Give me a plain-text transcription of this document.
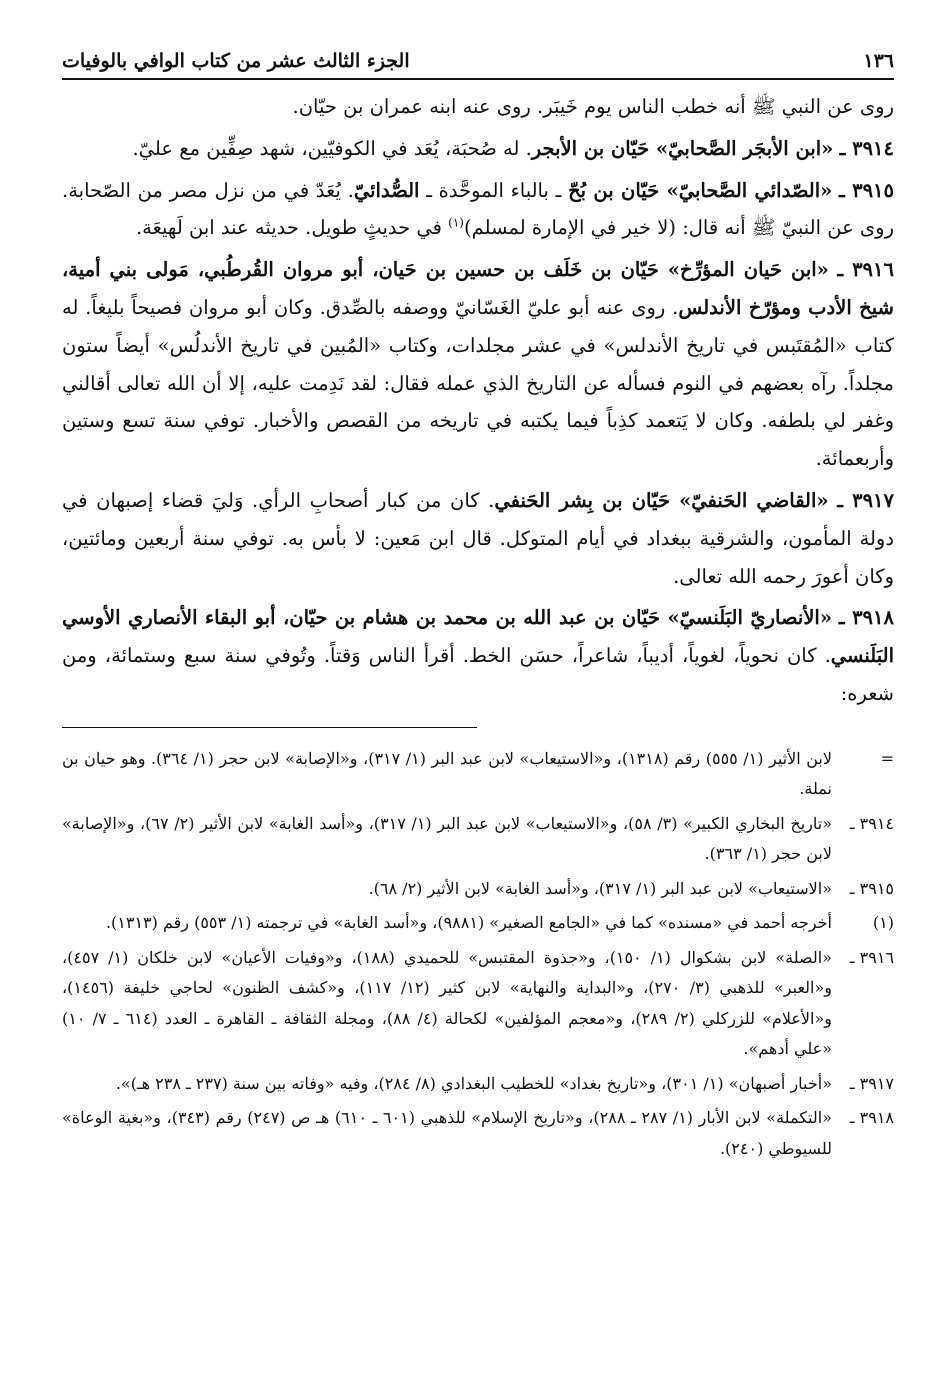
١٣٦
الجزء الثالث عشر من كتاب الوافي بالوفيات

روى عن النبي ﷺ أنه خطب الناس يوم خَيبَر. روى عنه ابنه عمران بن حيّان.

٣٩١٤ ـ «ابن الأبجَر الصَّحابيّ» حَيّان بن الأبجر. له صُحبَة، يُعَد في الكوفيّين، شهد صِفِّين مع عليّ.

٣٩١٥ ـ «الصّدائي الصَّحابيّ» حَيّان بن بُحّ ـ بالباء الموحَّدة ـ الصُّدائيّ. يُعَدّ في من نزل مصر من الصّحابة. روى عن النبيّ ﷺ أنه قال: (لا خير في الإمارة لمسلم)$^{(١)}$ في حديثٍ طويل. حديثه عند ابن لَهيعَة.

٣٩١٦ ـ «ابن حَيان المؤرِّخ» حَيّان بن خَلَف بن حسين بن حَيان، أبو مروان القُرطُبي، مَولى بني أمية، شيخ الأدب ومؤرّخ الأندلس. روى عنه أبو عليّ الغَسّانيّ ووصفه بالصِّدق. وكان أبو مروان فصيحاً بليغاً. له كتاب «المُقتَبس في تاريخ الأندلس» في عشر مجلدات، وكتاب «المُبين في تاريخ الأندلُس» أيضاً ستون مجلداً. رآه بعضهم في النوم فسأله عن التاريخ الذي عمله فقال: لقد نَدِمت عليه، إلا أن الله تعالى أقالني وغفر لي بلطفه. وكان لا يَتعمد كذِباً فيما يكتبه في تاريخه من القصص والأخبار. توفي سنة تسع وستين وأربعمائة.

٣٩١٧ ـ «القاضي الحَنفيّ» حَيّان بن بِشر الحَنفي. كان من كبار أصحابِ الرأي. وَليَ قضاء إصبهان في دولة المأمون، والشرقية ببغداد في أيام المتوكل. قال ابن مَعين: لا بأس به. توفي سنة أربعين ومائتين، وكان أعورَ رحمه الله تعالى.

٣٩١٨ ـ «الأنصاريّ البَلَنسيّ» حَيّان بن عبد الله بن محمد بن هشام بن حيّان، أبو البقاء الأنصاري الأوسي البَلَنسي. كان نحوياً، لغوياً، أديباً، شاعراً، حسَن الخط. أقرأ الناس وَقتاً. وتُوفي سنة سبع وستمائة، ومن شعره:

=
لابن الأثير (١/ ٥٥٥) رقم (١٣١٨)، و«الاستيعاب» لابن عبد البر (١/ ٣١٧)، و«الإصابة» لابن حجر (١/ ٣٦٤). وهو حيان بن نملة.
٣٩١٤ ـ
«تاريخ البخاري الكبير» (٣/ ٥٨)، و«الاستيعاب» لابن عبد البر (١/ ٣١٧)، و«أسد الغابة» لابن الأثير (٢/ ٦٧)، و«الإصابة» لابن حجر (١/ ٣٦٣).
٣٩١٥ ـ
«الاستيعاب» لابن عبد البر (١/ ٣١٧)، و«أسد الغابة» لابن الأثير (٢/ ٦٨).
(١)
أخرجه أحمد في «مسنده» كما في «الجامع الصغير» (٩٨٨١)، و«أسد الغابة» في ترجمته (١/ ٥٥٣) رقم (١٣١٣).
٣٩١٦ ـ
«الصلة» لابن بشكوال (١/ ١٥٠)، و«جذوة المقتبس» للحميدي (١٨٨)، و«وفيات الأعيان» لابن خلكان (١/ ٤٥٧)، و«العبر» للذهبي (٣/ ٢٧٠)، و«البداية والنهاية» لابن كثير (١٢/ ١١٧)، و«كشف الظنون» لحاجي خليفة (١٤٥٦)، و«الأعلام» للزركلي (٢/ ٢٨٩)، و«معجم المؤلفين» لكحالة (٤/ ٨٨)، ومجلة الثقافة ـ القاهرة ـ العدد (٦١٤ ـ ٧/ ١٠) «علي أدهم».
٣٩١٧ ـ
«أخبار أصبهان» (١/ ٣٠١)، و«تاريخ بغداد» للخطيب البغدادي (٨/ ٢٨٤)، وفيه «وفاته بين سنة (٢٣٧ ـ ٢٣٨ هـ)».
٣٩١٨ ـ
«التكملة» لابن الأبار (١/ ٢٨٧ ـ ٢٨٨)، و«تاريخ الإسلام» للذهبي (٦٠١ ـ ٦١٠) هـ ص (٢٤٧) رقم (٣٤٣)، و«بغية الوعاة» للسيوطي (٢٤٠).
